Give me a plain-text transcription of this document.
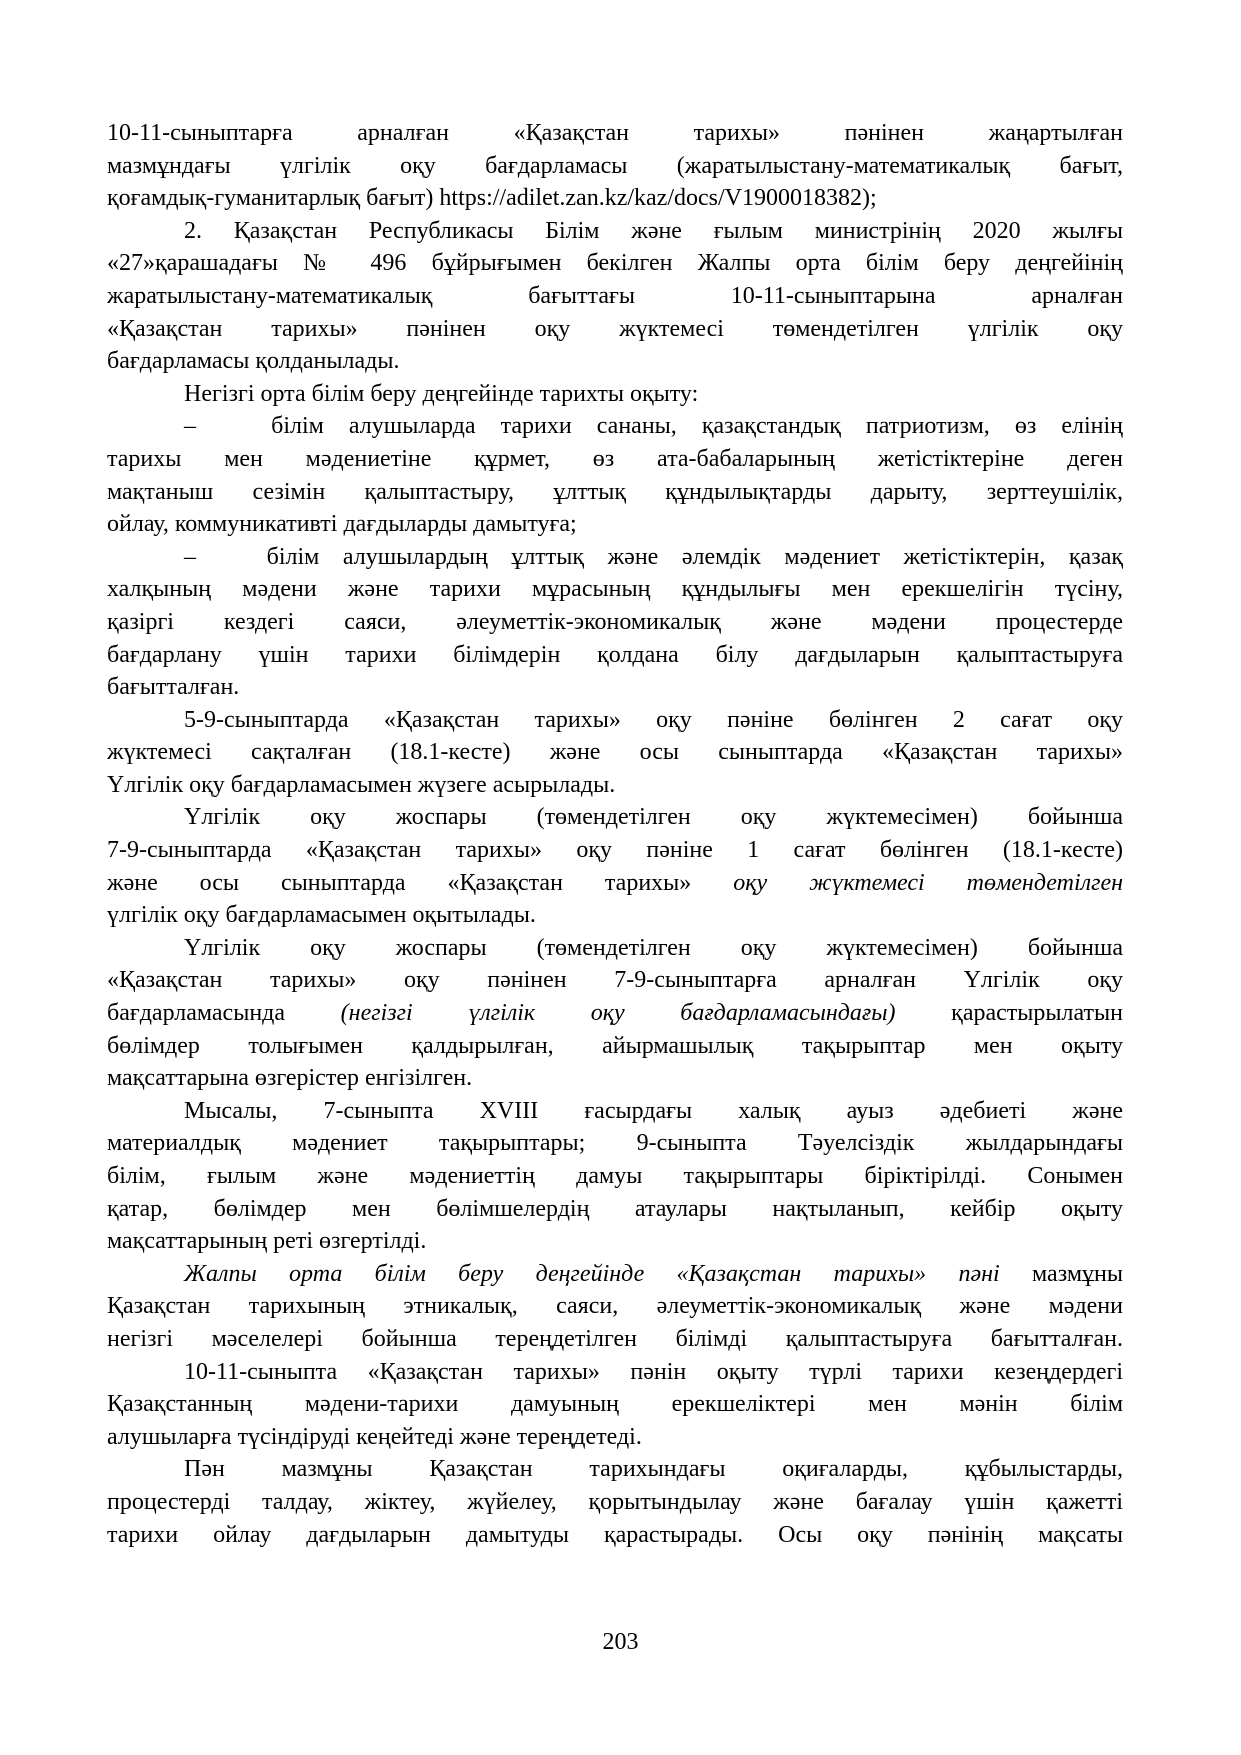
10-11-сыныптарға арналған «Қазақстан тарихы» пәнінен жаңартылған
мазмұндағы үлгілік оқу бағдарламасы (жаратылыстану-математикалық бағыт,
қоғамдық-гуманитарлық бағыт) https://adilet.zan.kz/kaz/docs/V1900018382);
2. Қазақстан Республикасы Білім және ғылым министрінің 2020 жылғы
«27»қарашадағы № 496 бұйрығымен бекілген Жалпы орта білім беру деңгейінің
жаратылыстану-математикалық бағыттағы 10-11-сыныптарына арналған
«Қазақстан тарихы» пәнінен оқу жүктемесі төмендетілген үлгілік оқу
бағдарламасы қолданылады.
Негізгі орта білім беру деңгейінде тарихты оқыту:
–   білім алушыларда тарихи сананы, қазақстандық патриотизм, өз елінің
тарихы мен мәдениетіне құрмет, өз ата-бабаларының жетістіктеріне деген
мақтаныш сезімін қалыптастыру, ұлттық құндылықтарды дарыту, зерттеушілік,
ойлау, коммуникативті дағдыларды дамытуға;
–   білім алушылардың ұлттық және әлемдік мәдениет жетістіктерін, қазақ
халқының мәдени және тарихи мұрасының құндылығы мен ерекшелігін түсіну,
қазіргі кездегі саяси, әлеуметтік-экономикалық және мәдени процестерде
бағдарлану үшін тарихи білімдерін қолдана білу дағдыларын қалыптастыруға
бағытталған.
5-9-сыныптарда «Қазақстан тарихы» оқу пәніне бөлінген 2 сағат оқу
жүктемесі сақталған (18.1-кесте) және осы сыныптарда «Қазақстан тарихы»
Үлгілік оқу бағдарламасымен жүзеге асырылады.
Үлгілік оқу жоспары (төмендетілген оқу жүктемесімен) бойынша
7-9-сыныптарда «Қазақстан тарихы» оқу пәніне 1 сағат бөлінген (18.1-кесте)
және осы сыныптарда «Қазақстан тарихы» оқу жүктемесі төмендетілген
үлгілік оқу бағдарламасымен оқытылады.
Үлгілік оқу жоспары (төмендетілген оқу жүктемесімен) бойынша
«Қазақстан тарихы» оқу пәнінен 7-9-сыныптарға арналған Үлгілік оқу
бағдарламасында (негізгі үлгілік оқу бағдарламасындағы) қарастырылатын
бөлімдер толығымен қалдырылған, айырмашылық тақырыптар мен оқыту
мақсаттарына өзгерістер енгізілген.
Мысалы, 7-сыныпта XVIII ғасырдағы халық ауыз әдебиеті және
материалдық мәдениет тақырыптары; 9-сыныпта Тәуелсіздік жылдарындағы
білім, ғылым және мәдениеттің дамуы тақырыптары біріктірілді. Сонымен
қатар, бөлімдер мен бөлімшелердің атаулары нақтыланып, кейбір оқыту
мақсаттарының реті өзгертілді.
Жалпы орта білім беру деңгейінде «Қазақстан тарихы» пәні мазмұны
Қазақстан тарихының этникалық, саяси, әлеуметтік-экономикалық және мәдени
негізгі мәселелері бойынша тереңдетілген білімді қалыптастыруға бағытталған.
10-11-сыныпта «Қазақстан тарихы» пәнін оқыту түрлі тарихи кезеңдердегі
Қазақстанның мәдени-тарихи дамуының ерекшеліктері мен мәнін білім
алушыларға түсіндіруді кеңейтеді және тереңдетеді.
Пән мазмұны Қазақстан тарихындағы оқиғаларды, құбылыстарды,
процестерді талдау, жіктеу, жүйелеу, қорытындылау және бағалау үшін қажетті
тарихи ойлау дағдыларын дамытуды қарастырады. Осы оқу пәнінің мақсаты
203
